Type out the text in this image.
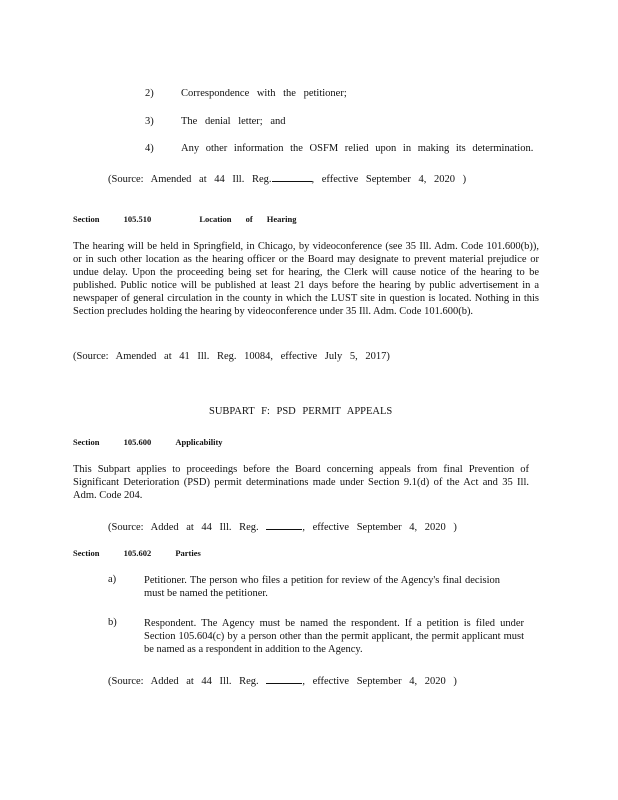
2)	Correspondence with the petitioner;
3)	The denial letter; and
4)	Any other information the OSFM relied upon in making its determination.
(Source: Amended at 44 Ill. Reg.	, effective September 4, 2020 )
Section	105.510	Location of Hearing
The hearing will be held in Springfield, in Chicago, by videoconference (see 35 Ill. Adm. Code 101.600(b)), or in such other location as the hearing officer or the Board may designate to prevent material prejudice or undue delay. Upon the proceeding being set for hearing, the Clerk will cause notice of the hearing to be published. Public notice will be published at least 21 days before the hearing by public advertisement in a newspaper of general circulation in the county in which the LUST site in question is located. Nothing in this Section precludes holding the hearing by videoconference under 35 Ill. Adm. Code 101.600(b).
(Source: Amended at 41 Ill. Reg. 10084, effective July 5, 2017)
SUBPART F: PSD PERMIT APPEALS
Section	105.600	Applicability
This Subpart applies to proceedings before the Board concerning appeals from final Prevention of Significant Deterioration (PSD) permit determinations made under Section 9.1(d) of the Act and 35 Ill. Adm. Code 204.
(Source: Added at 44 Ill. Reg.	, effective September 4, 2020 )
Section	105.602	Parties
a)	Petitioner. The person who files a petition for review of the Agency's final decision must be named the petitioner.
b)	Respondent. The Agency must be named the respondent. If a petition is filed under Section 105.604(c) by a person other than the permit applicant, the permit applicant must be named as a respondent in addition to the Agency.
(Source: Added at 44 Ill. Reg.	, effective September 4, 2020 )
